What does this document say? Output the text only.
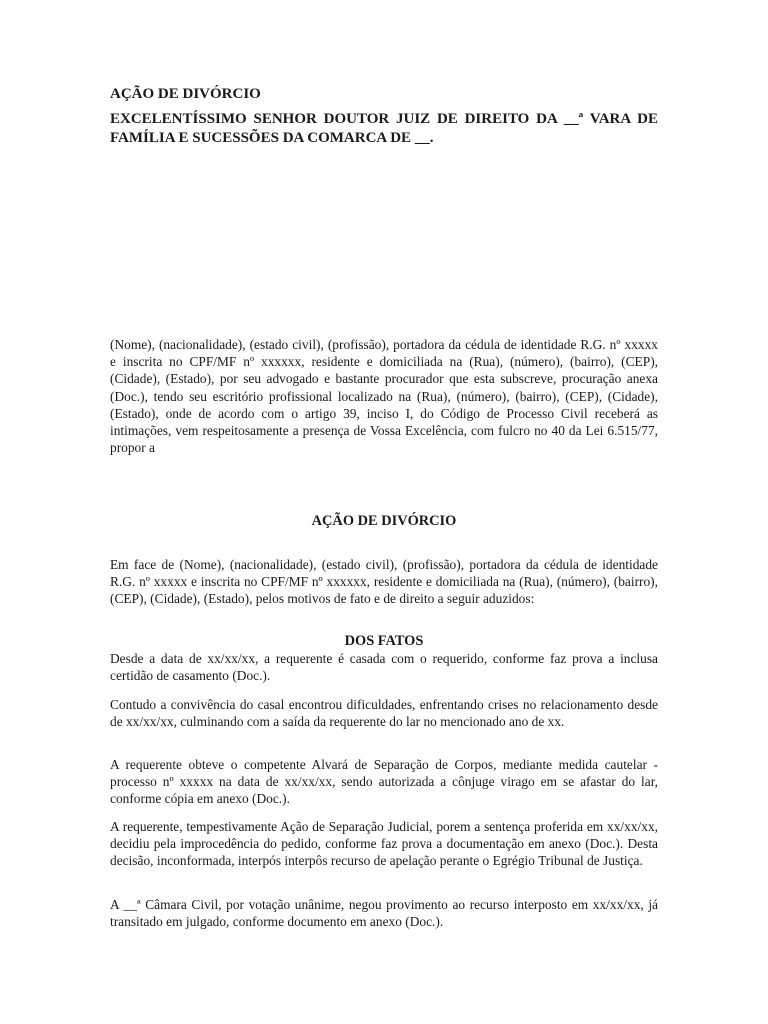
AÇÃO DE DIVÓRCIO
EXCELENTÍSSIMO SENHOR DOUTOR JUIZ DE DIREITO DA __ª VARA DE FAMÍLIA E SUCESSÕES DA COMARCA DE __.
(Nome), (nacionalidade), (estado civil), (profissão), portadora da cédula de identidade R.G. nº xxxxx e inscrita no CPF/MF nº xxxxxx, residente e domiciliada na (Rua), (número), (bairro), (CEP), (Cidade), (Estado), por seu advogado e bastante procurador que esta subscreve, procuração anexa (Doc.), tendo seu escritório profissional localizado na (Rua), (número), (bairro), (CEP), (Cidade), (Estado), onde de acordo com o artigo 39, inciso I, do Código de Processo Civil receberá as intimações, vem respeitosamente a presença de Vossa Excelência, com fulcro no 40 da Lei 6.515/77, propor a
AÇÃO DE DIVÓRCIO
Em face de (Nome), (nacionalidade), (estado civil), (profissão), portadora da cédula de identidade R.G. nº xxxxx e inscrita no CPF/MF nº xxxxxx, residente e domiciliada na (Rua), (número), (bairro), (CEP), (Cidade), (Estado), pelos motivos de fato e de direito a seguir aduzidos:
DOS FATOS
Desde a data de xx/xx/xx, a requerente é casada com o requerido, conforme faz prova a inclusa certidão de casamento (Doc.).
Contudo a convivência do casal encontrou dificuldades, enfrentando crises no relacionamento desde de xx/xx/xx, culminando com a saída da requerente do lar no mencionado ano de xx.
A requerente obteve o competente Alvará de Separação de Corpos, mediante medida cautelar - processo nº xxxxx na data de xx/xx/xx, sendo autorizada a cônjuge virago em se afastar do lar, conforme cópia em anexo (Doc.).
A requerente, tempestivamente Ação de Separação Judicial, porem a sentença proferida em xx/xx/xx, decidiu pela improcedência do pedido, conforme faz prova a documentação em anexo (Doc.). Desta decisão, inconformada, interpós interpôs recurso de apelação perante o Egrégio Tribunal de Justiça.
A __ª Câmara Civil, por votação unânime, negou provimento ao recurso interposto em xx/xx/xx, já transitado em julgado, conforme documento em anexo (Doc.).
